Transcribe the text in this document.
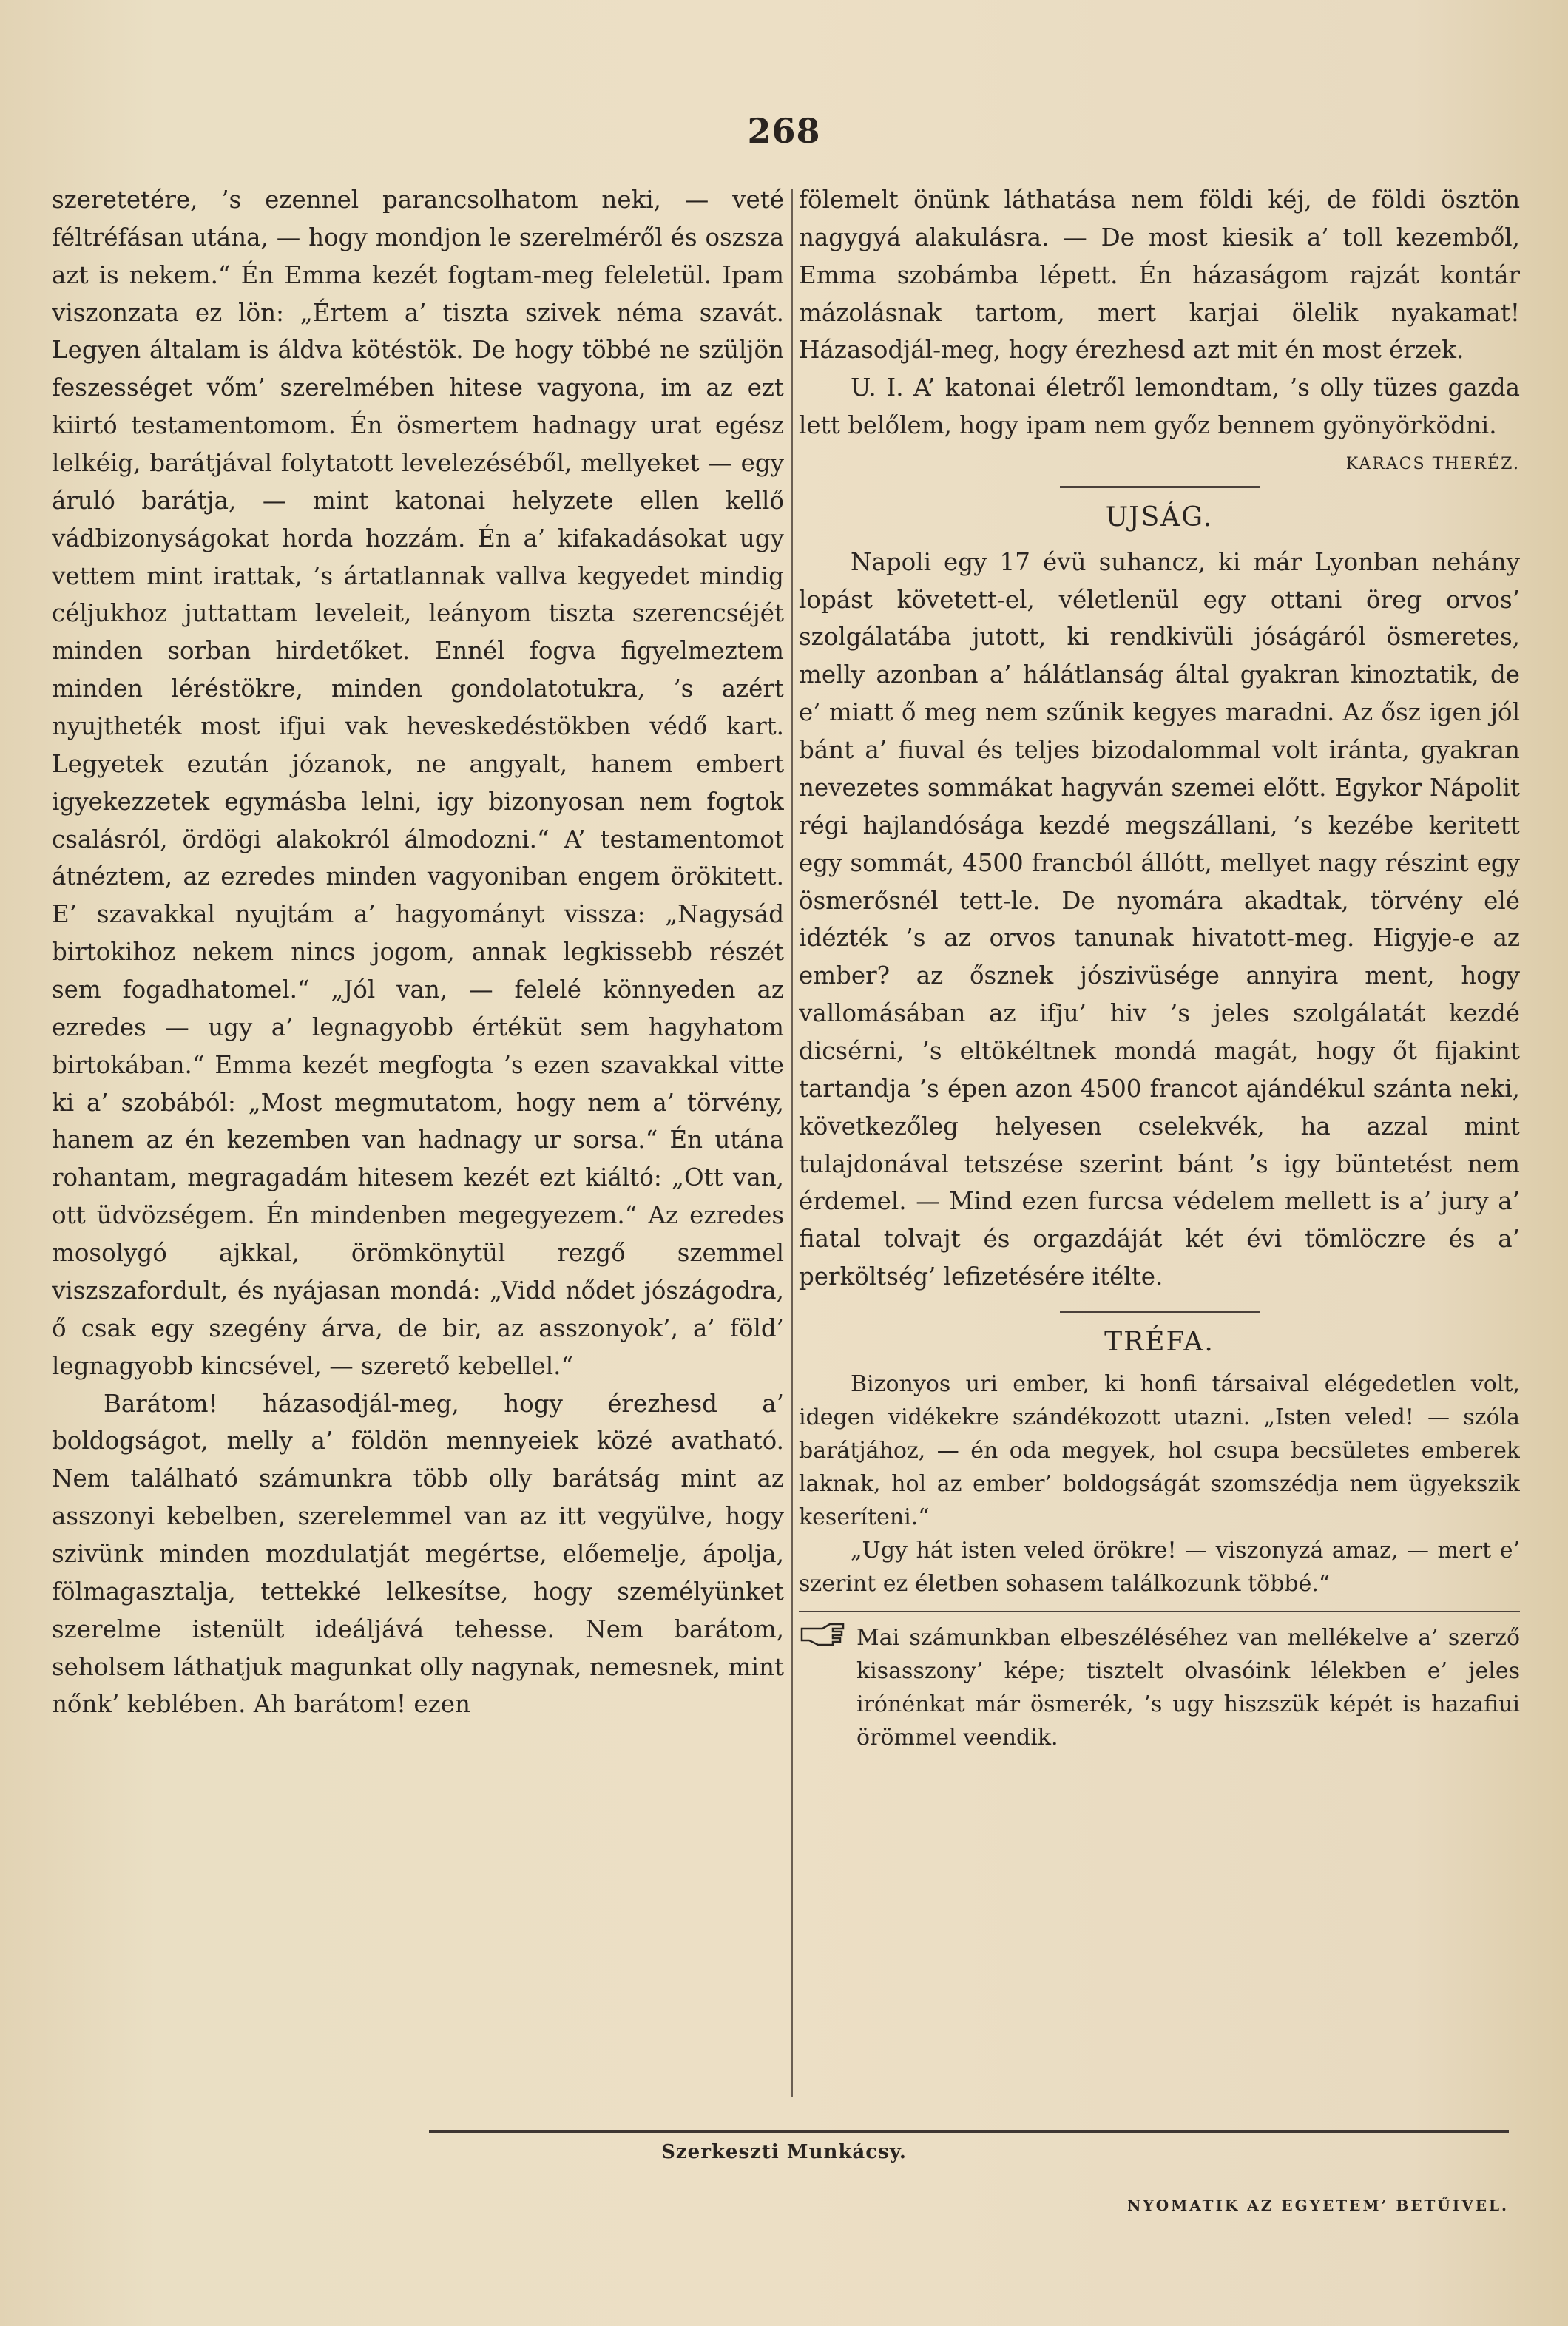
268

szeretetére, ’s ezennel parancsolhatom neki, — veté féltréfásan utána, — hogy mondjon le szerelméről és oszsza azt is nekem.“ Én Emma kezét fogtam-meg feleletül. Ipam viszonzata ez lön: „Értem a’ tiszta szivek néma szavát. Legyen általam is áldva kötéstök. De hogy többé ne szüljön feszességet vőm’ szerelmében hitese vagyona, im az ezt kiirtó testamentomom. Én ösmertem hadnagy urat egész lelkéig, barátjával folytatott levelezéséből, mellyeket — egy áruló barátja, — mint katonai helyzete ellen kellő vádbizonyságokat horda hozzám. Én a’ kifakadásokat ugy vettem mint irattak, ’s ártatlannak vallva kegyedet mindig céljukhoz juttattam leveleit, leányom tiszta szerencséjét minden sorban hirdetőket. Ennél fogva figyelmeztem minden léréstökre, minden gondolatotukra, ’s azért nyujtheték most ifjui vak heveskedéstökben védő kart. Legyetek ezután józanok, ne angyalt, hanem embert igyekezzetek egymásba lelni, igy bizonyosan nem fogtok csalásról, ördögi alakokról álmodozni.“ A’ testamentomot átnéztem, az ezredes minden vagyoniban engem örökitett. E’ szavakkal nyujtám a’ hagyományt vissza: „Nagysád birtokihoz nekem nincs jogom, annak legkissebb részét sem fogadhatomel.“ „Jól van, — felelé könnyeden az ezredes — ugy a’ legnagyobb értéküt sem hagyhatom birtokában.“ Emma kezét megfogta ’s ezen szavakkal vitte ki a’ szobából: „Most megmutatom, hogy nem a’ törvény, hanem az én kezemben van hadnagy ur sorsa.“ Én utána rohantam, megragadám hitesem kezét ezt kiáltó: „Ott van, ott üdvözségem. Én mindenben megegyezem.“ Az ezredes mosolygó ajkkal, örömkönytül rezgő szemmel viszszafordult, és nyájasan mondá: „Vidd nődet jószágodra, ő csak egy szegény árva, de bir, az asszonyok’, a’ föld’ legnagyobb kincsével, — szerető kebellel.“

Barátom! házasodjál-meg, hogy érezhesd a’ boldogságot, melly a’ földön mennyeiek közé avatható. Nem található számunkra több olly barátság mint az asszonyi kebelben, szerelemmel van az itt vegyülve, hogy szivünk minden mozdulatját megértse, előemelje, ápolja, fölmagasztalja, tettekké lelkesítse, hogy személyünket szerelme istenült ideáljává tehesse. Nem barátom, seholsem láthatjuk magunkat olly nagynak, nemesnek, mint nőnk’ keblében. Ah barátom! ezen

fölemelt önünk láthatása nem földi kéj, de földi ösztön nagygyá alakulásra. — De most kiesik a’ toll kezemből, Emma szobámba lépett. Én házaságom rajzát kontár mázolásnak tartom, mert karjai ölelik nyakamat! Házasodjál-meg, hogy érezhesd azt mit én most érzek.

U. I. A’ katonai életről lemondtam, ’s olly tüzes gazda lett belőlem, hogy ipam nem győz bennem gyönyörködni.
KARACS THERÉZ.

UJSÁG.

Napoli egy 17 évü suhancz, ki már Lyonban nehány lopást követett-el, véletlenül egy ottani öreg orvos’ szolgálatába jutott, ki rendkivüli jóságáról ösmeretes, melly azonban a’ hálátlanság által gyakran kinoztatik, de e’ miatt ő meg nem szűnik kegyes maradni. Az ősz igen jól bánt a’ fiuval és teljes bizodalommal volt iránta, gyakran nevezetes sommákat hagyván szemei előtt. Egykor Nápolit régi hajlandósága kezdé megszállani, ’s kezébe keritett egy sommát, 4500 francból állótt, mellyet nagy részint egy ösmerősnél tett-le. De nyomára akadtak, törvény elé idézték ’s az orvos tanunak hivatott-meg. Higyje-e az ember? az ősznek jószivüsége annyira ment, hogy vallomásában az ifju’ hiv ’s jeles szolgálatát kezdé dicsérni, ’s eltökéltnek mondá magát, hogy őt fijakint tartandja ’s épen azon 4500 francot ajándékul szánta neki, következőleg helyesen cselekvék, ha azzal mint tulajdonával tetszése szerint bánt ’s igy büntetést nem érdemel. — Mind ezen furcsa védelem mellett is a’ jury a’ fiatal tolvajt és orgazdáját két évi tömlöczre és a’ perköltség’ lefizetésére itélte.

TRÉFA.

Bizonyos uri ember, ki honfi társaival elégedetlen volt, idegen vidékekre szándékozott utazni. „Isten veled! — szóla barátjához, — én oda megyek, hol csupa becsületes emberek laknak, hol az ember’ boldogságát szomszédja nem ügyekszik keseríteni.“

„Ugy hát isten veled örökre! — viszonyzá amaz, — mert e’ szerint ez életben sohasem találkozunk többé.“

Mai számunkban elbeszéléséhez van mellékelve a’ szerző kisasszony’ képe; tisztelt olvasóink lélekben e’ jeles irónénkat már ösmerék, ’s ugy hiszszük képét is hazafiui örömmel veendik.

Szerkeszti Munkácsy.
NYOMATIK AZ EGYETEM’ BETŰIVEL.
